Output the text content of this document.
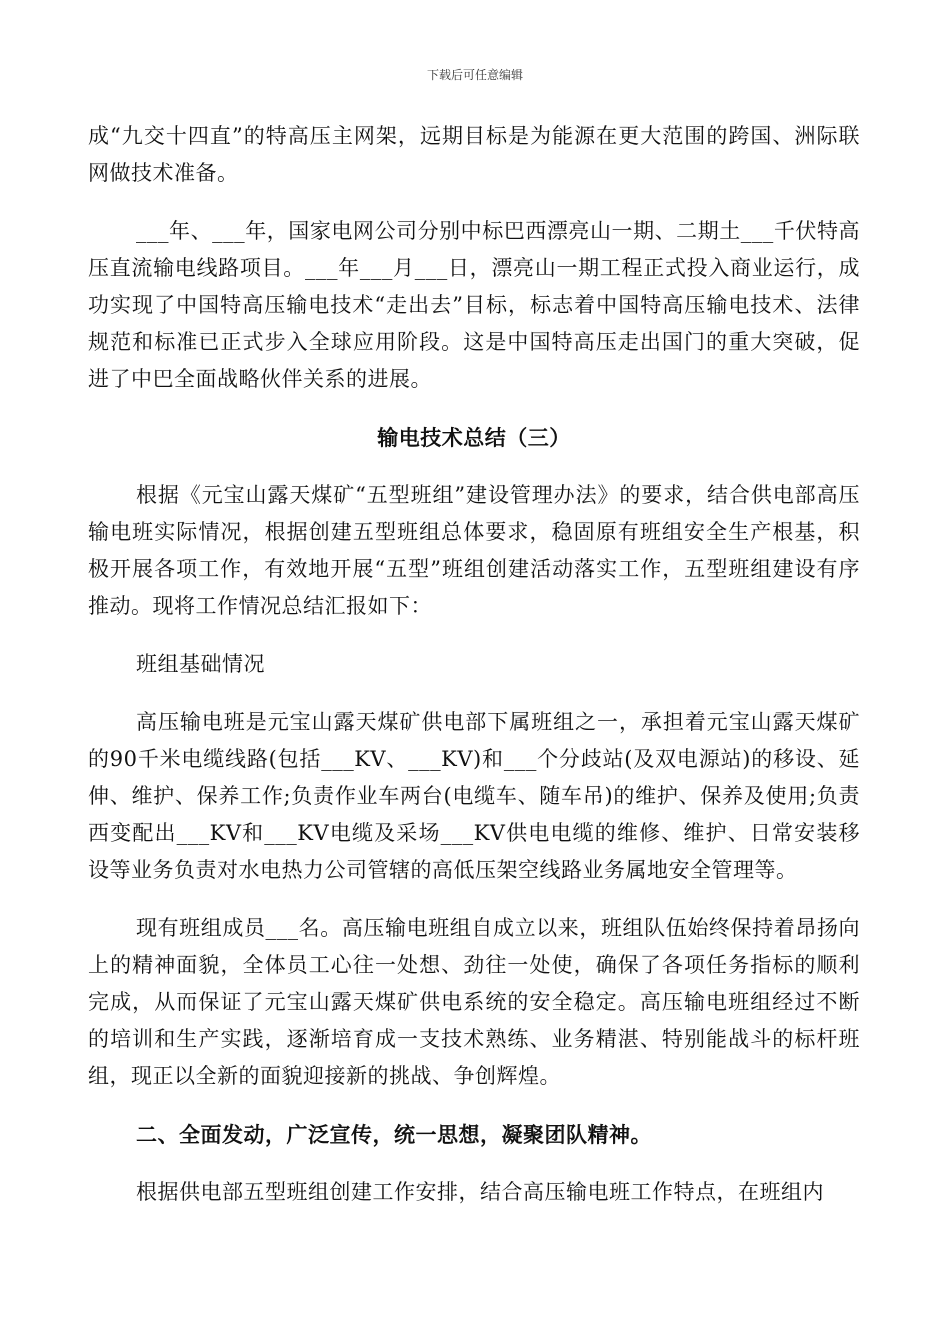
下载后可任意编辑

成“九交十四直”的特高压主网架，远期目标是为能源在更大范围的跨国、洲际联网做技术准备。

___年、___年，国家电网公司分别中标巴西漂亮山一期、二期土___千伏特高压直流输电线路项目。___年___月___日，漂亮山一期工程正式投入商业运行，成功实现了中国特高压输电技术“走出去”目标，标志着中国特高压输电技术、法律规范和标准已正式步入全球应用阶段。这是中国特高压走出国门的重大突破，促进了中巴全面战略伙伴关系的进展。

输电技术总结（三）

根据《元宝山露天煤矿“五型班组”建设管理办法》的要求，结合供电部高压输电班实际情况，根据创建五型班组总体要求，稳固原有班组安全生产根基，积极开展各项工作，有效地开展“五型”班组创建活动落实工作，五型班组建设有序推动。现将工作情况总结汇报如下：

班组基础情况

高压输电班是元宝山露天煤矿供电部下属班组之一，承担着元宝山露天煤矿的90千米电缆线路(包括___KV、___KV)和___个分歧站(及双电源站)的移设、延伸、维护、保养工作;负责作业车两台(电缆车、随车吊)的维护、保养及使用;负责西变配出___KV和___KV电缆及采场___KV供电电缆的维修、维护、日常安装移设等业务负责对水电热力公司管辖的高低压架空线路业务属地安全管理等。

现有班组成员___名。高压输电班组自成立以来，班组队伍始终保持着昂扬向上的精神面貌，全体员工心往一处想、劲往一处使，确保了各项任务指标的顺利完成，从而保证了元宝山露天煤矿供电系统的安全稳定。高压输电班组经过不断的培训和生产实践，逐渐培育成一支技术熟练、业务精湛、特别能战斗的标杆班组，现正以全新的面貌迎接新的挑战、争创辉煌。

二、全面发动，广泛宣传，统一思想，凝聚团队精神。

根据供电部五型班组创建工作安排，结合高压输电班工作特点，在班组内
